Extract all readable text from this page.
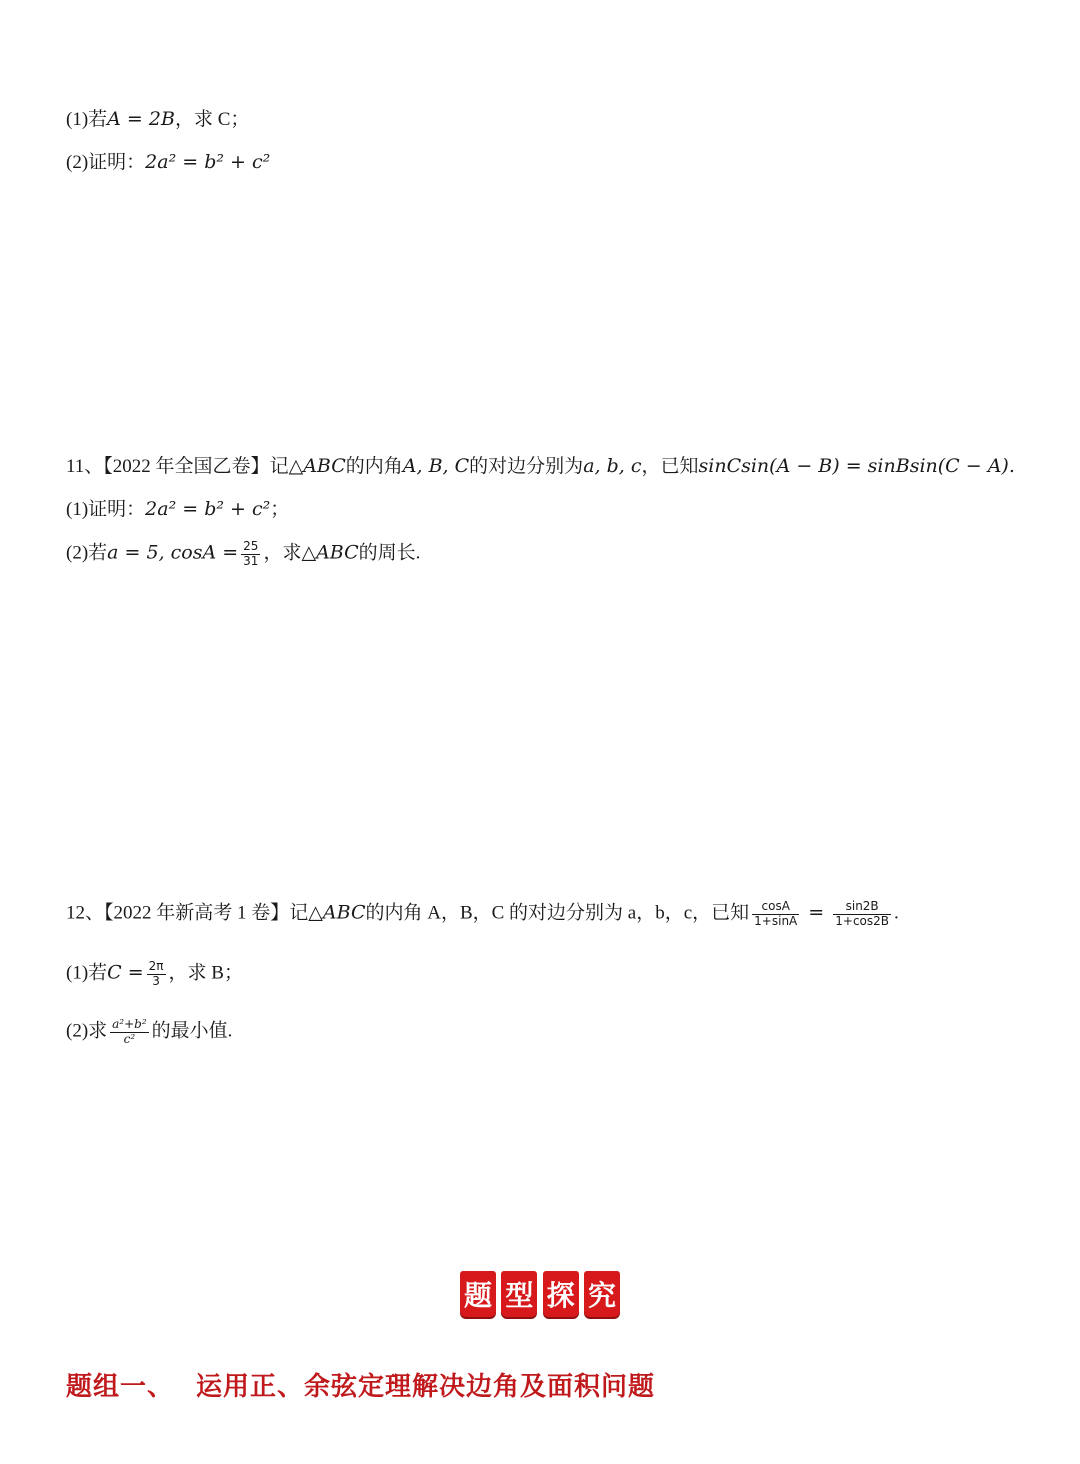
(1)若A = 2B，求 C；
(2)证明：2a² = b² + c²
11、【2022 年全国乙卷】记△ABC的内角A, B, C的对边分别为a, b, c，已知sinCsin(A − B) = sinBsin(C − A).
(1)证明：2a² = b² + c²；
(2)若a = 5, $\cos A = \frac{25}{31}$ ，求△ABC的周长.
12、【2022 年新高考 1 卷】记△ABC的内角 A，B，C 的对边分别为 a，b，c，已知 $\frac{\cos A}{1+\sin A} = \frac{\sin 2B}{1+\cos 2B}$ .
(1)若$C = \frac{2\pi}{3}$ ，求 B；
(2)求 $\frac{\text{a²+b²}}{\text{c²}}$ 的最小值.
题 型 探 究
题组一、 运用正、余弦定理解决边角及面积问题
